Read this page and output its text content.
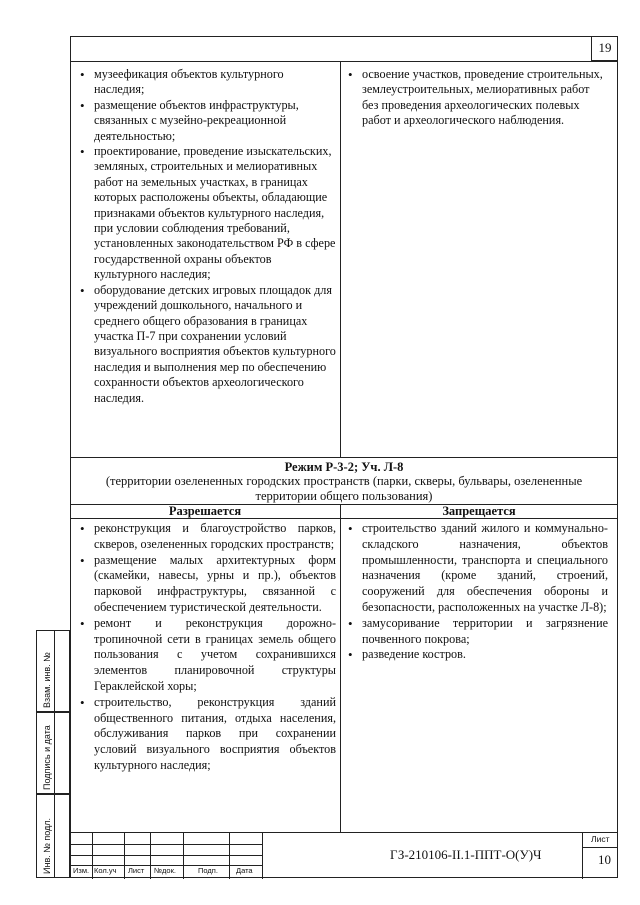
19
• музеефикация объектов культурного наследия;
• размещение объектов инфраструктуры, связанных с музейно-рекреационной деятельностью;
• проектирование, проведение изыскательских, земляных, строительных и мелиоративных работ на земельных участках, в границах которых расположены объекты, обладающие признаками объектов культурного наследия, при условии соблюдения требований, установленных законодательством РФ в сфере государственной охраны объектов культурного наследия;
• оборудование детских игровых площадок для учреждений дошкольного, начального и среднего общего образования в границах участка П-7 при сохранении условий визуального восприятия объектов культурного наследия и выполнения мер по обеспечению сохранности объектов археологического наследия.
• освоение участков, проведение строительных, землеустроительных, мелиоративных работ без проведения археологических полевых работ и археологического наблюдения.
Режим Р-3-2; Уч. Л-8
(территории озелененных городских пространств (парки, скверы, бульвары, озелененные территории общего пользования)
Разрешается	Запрещается
• реконструкция и благоустройство парков, скверов, озелененных городских пространств;
• размещение малых архитектурных форм (скамейки, навесы, урны и пр.), объектов парковой инфраструктуры, связанной с обеспечением туристической деятельности.
• ремонт и реконструкция дорожно-тропиночной сети в границах земель общего пользования с учетом сохранившихся элементов планировочной структуры Гераклейской хоры;
• строительство, реконструкция зданий общественного питания, отдыха населения, обслуживания парков при сохранении условий визуального восприятия объектов культурного наследия;
• строительство зданий жилого и коммунально-складского назначения, объектов промышленности, транспорта и специального назначения (кроме зданий, строений, сооружений для обеспечения обороны и безопасности, расположенных на участке Л-8);
• замусоривание территории и загрязнение почвенного покрова;
• разведение костров.
Взам. инв. №
Подпись и дата
Инв. № подл.	Изм. Кол.уч Лист №док.	Подп. Дата
ГЗ-210106-II.1-ППТ-О(У)Ч
Лист
10
